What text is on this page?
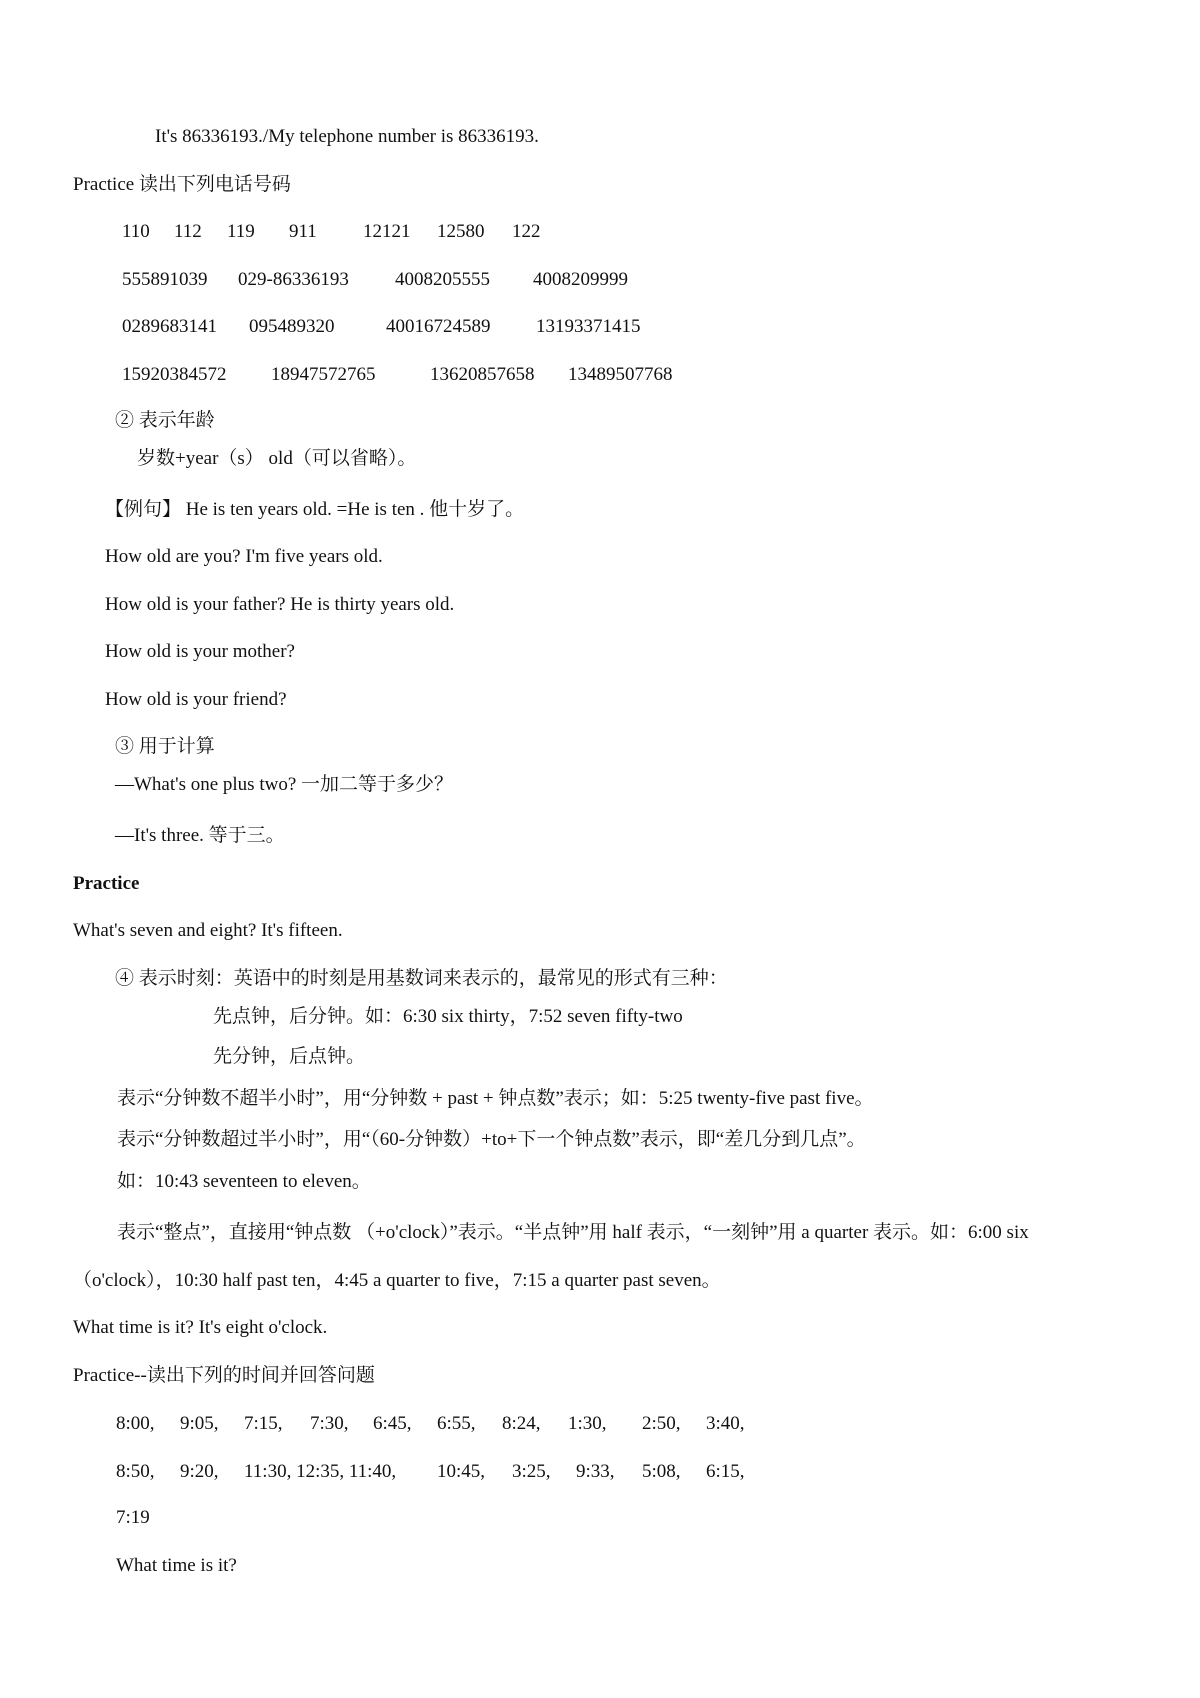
It's 86336193./My telephone number is 86336193.
Practice 读出下列电话号码
110 112 119 911 12121 12580 122
555891039 029-86336193 4008205555 4008209999
0289683141 095489320	40016724589 13193371415
15920384572 18947572765	13620857658 13489507768
② 表示年龄
岁数+year（s） old（可以省略）。
【例句】 He is ten years old. =He is ten . 他十岁了。
How old are you? I'm five years old.
How old is your father? He is thirty years old.
How old is your mother?
How old is your friend?
③ 用于计算
—What's one plus two? 一加二等于多少？
—It's three. 等于三。
Practice
What's seven and eight? It's fifteen.
④ 表示时刻：英语中的时刻是用基数词来表示的，最常见的形式有三种：
先点钟，后分钟。如：6:30 six thirty，7:52 seven fifty-two
先分钟，后点钟。
表示“分钟数不超半小时”，用“分钟数 + past + 钟点数”表示；如：5:25 twenty-five past five。
表示“分钟数超过半小时”，用“（60-分钟数）+to+下一个钟点数”表示，即“差几分到几点”。
如：10:43 seventeen to eleven。
表示“整点”，直接用“钟点数 （+o'clock）”表示。“半点钟”用 half 表示，“一刻钟”用 a quarter 表示。如：6:00 six
（o'clock），10:30 half past ten，4:45 a quarter to five，7:15 a quarter past seven。
What time is it? It's eight o'clock.
Practice--读出下列的时间并回答问题
8:00, 9:05, 7:15, 7:30, 6:45, 6:55, 8:24, 1:30, 2:50, 3:40,
8:50, 9:20, 11:30, 12:35, 11:40, 10:45, 3:25, 9:33, 5:08, 6:15,
7:19
What time is it?
